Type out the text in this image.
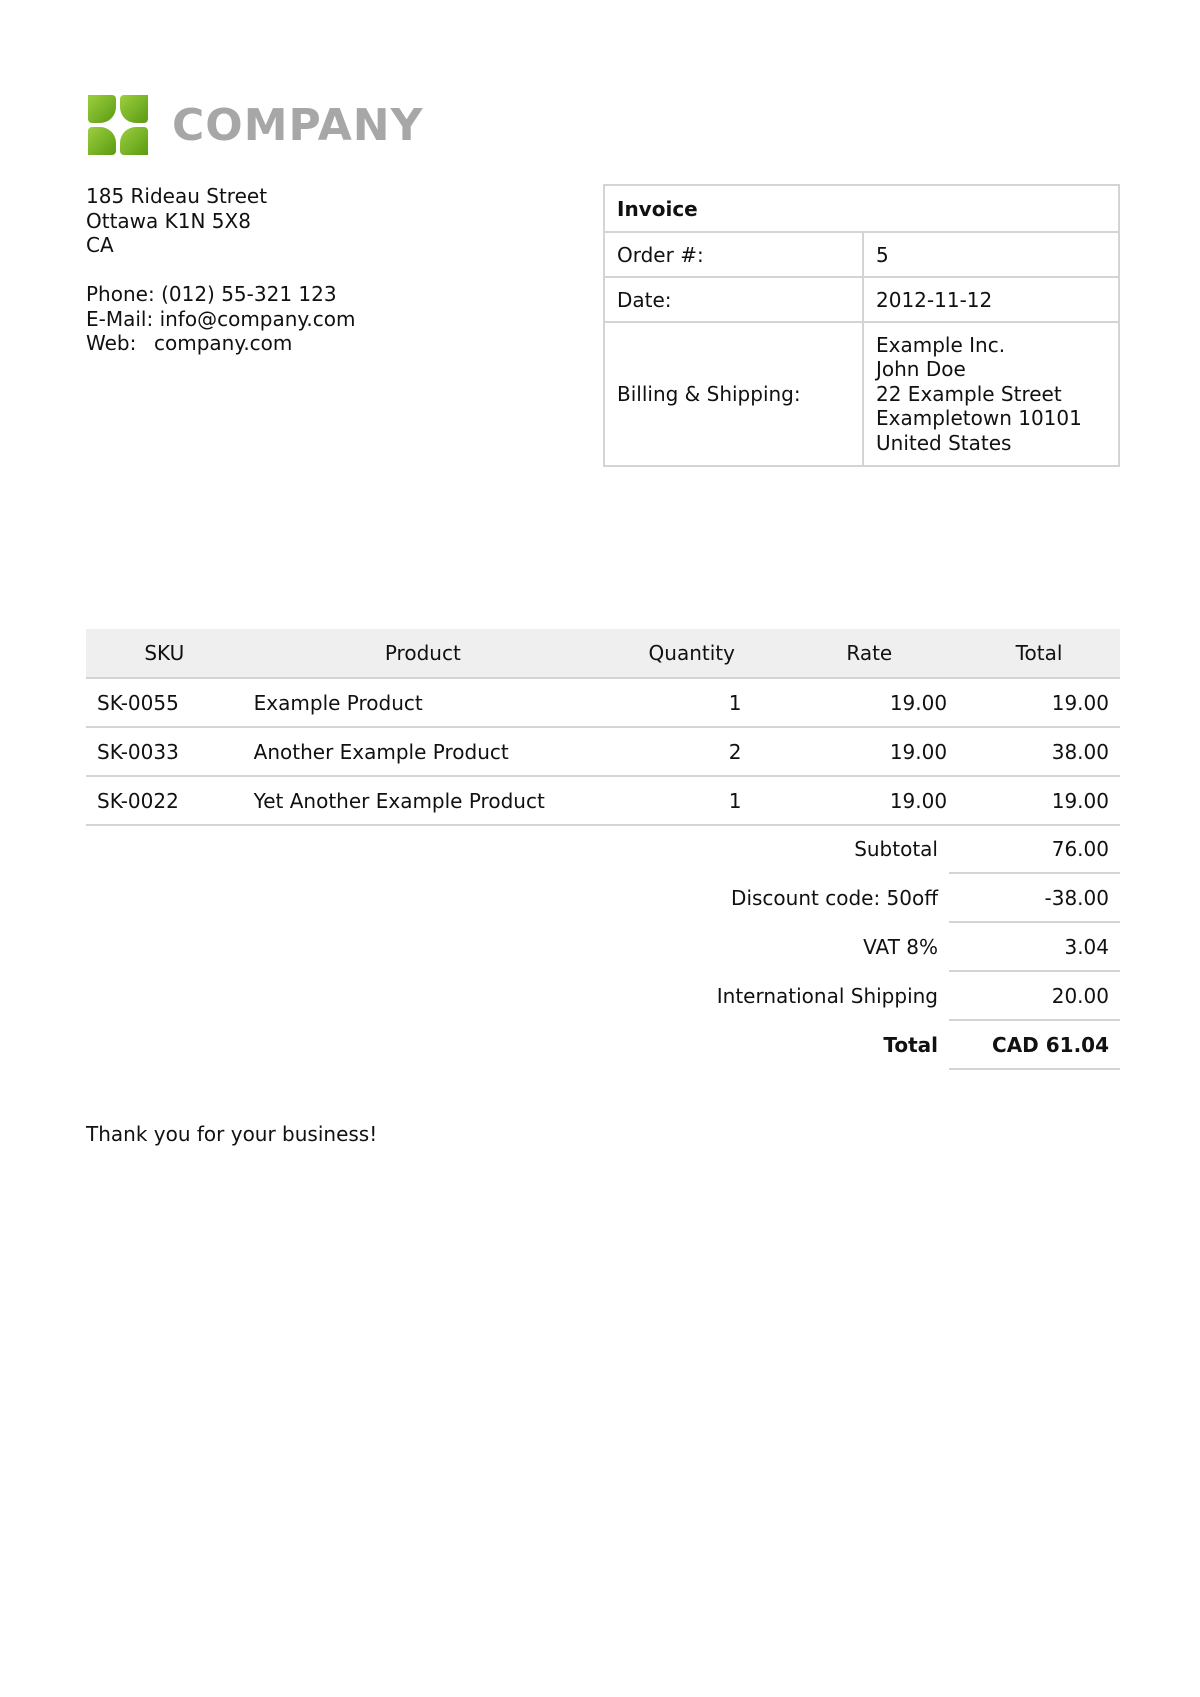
COMPANY
185 Rideau Street
Ottawa K1N 5X8
CA
Phone:
(012) 55-321 123
E-Mail:
info@company.com
Web: company.com
Invoice	
Order #:	5
Date:	2012-11-12
Billing & Shipping:	Example Inc.
John Doe
22 Example Street
Exampletown 10101
United States
SKU	Product	Quantity	Rate	Total
SK-0055	Example Product	1	19.00	19.00
SK-0033	Another Example Product	2	19.00	38.00
SK-0022	Yet Another Example Product	1	19.00	19.00
Subtotal	76.00
Discount code: 50off	-38.00
VAT 8%	3.04
International Shipping	20.00
Total	CAD 61.04
Thank you for your business!
